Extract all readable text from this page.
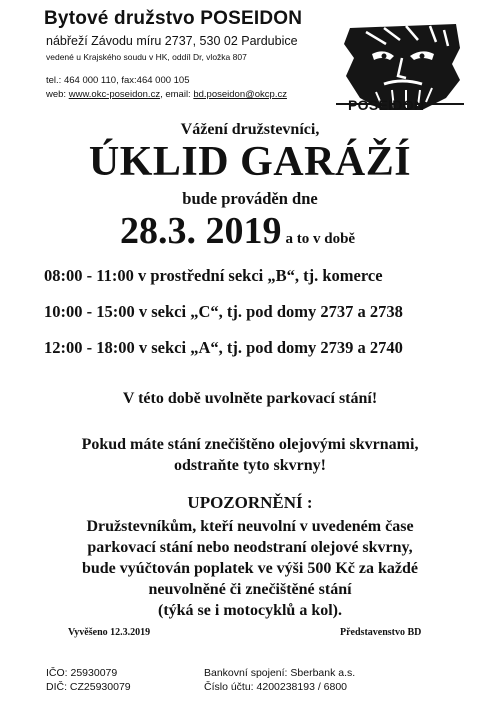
Bytové družstvo POSEIDON
nábřeží Závodu míru 2737, 530 02 Pardubice
vedené u Krajského soudu v HK, oddíl Dr, vložka 807
tel.: 464 000 110, fax:464 000 105
web: www.okc-poseidon.cz, email: bd.poseidon@okcp.cz
POSEIDON
Vážení družstevníci,
ÚKLID GARÁŽÍ
bude prováděn dne
28.3. 2019 a to v době
08:00 - 11:00 v prostřední sekci „B“, tj. komerce
10:00 - 15:00 v sekci „C“, tj. pod domy 2737 a 2738
12:00 - 18:00 v sekci „A“, tj. pod domy 2739 a 2740
V této době uvolněte parkovací stání!
Pokud máte stání znečištěno olejovými skvrnami,
odstraňte tyto skvrny!
UPOZORNĚNÍ :
Družstevníkům, kteří neuvolní v uvedeném čase
parkovací stání nebo neodstraní olejové skvrny,
bude vyúčtován poplatek ve výši 500 Kč za každé
neuvolněné či znečištěné stání
(týká se i motocyklů a kol).
Vyvěšeno 12.3.2019	Představenstvo BD
IČO: 25930079
DIČ: CZ25930079
Bankovní spojení: Sberbank a.s.
Číslo účtu: 4200238193 / 6800
